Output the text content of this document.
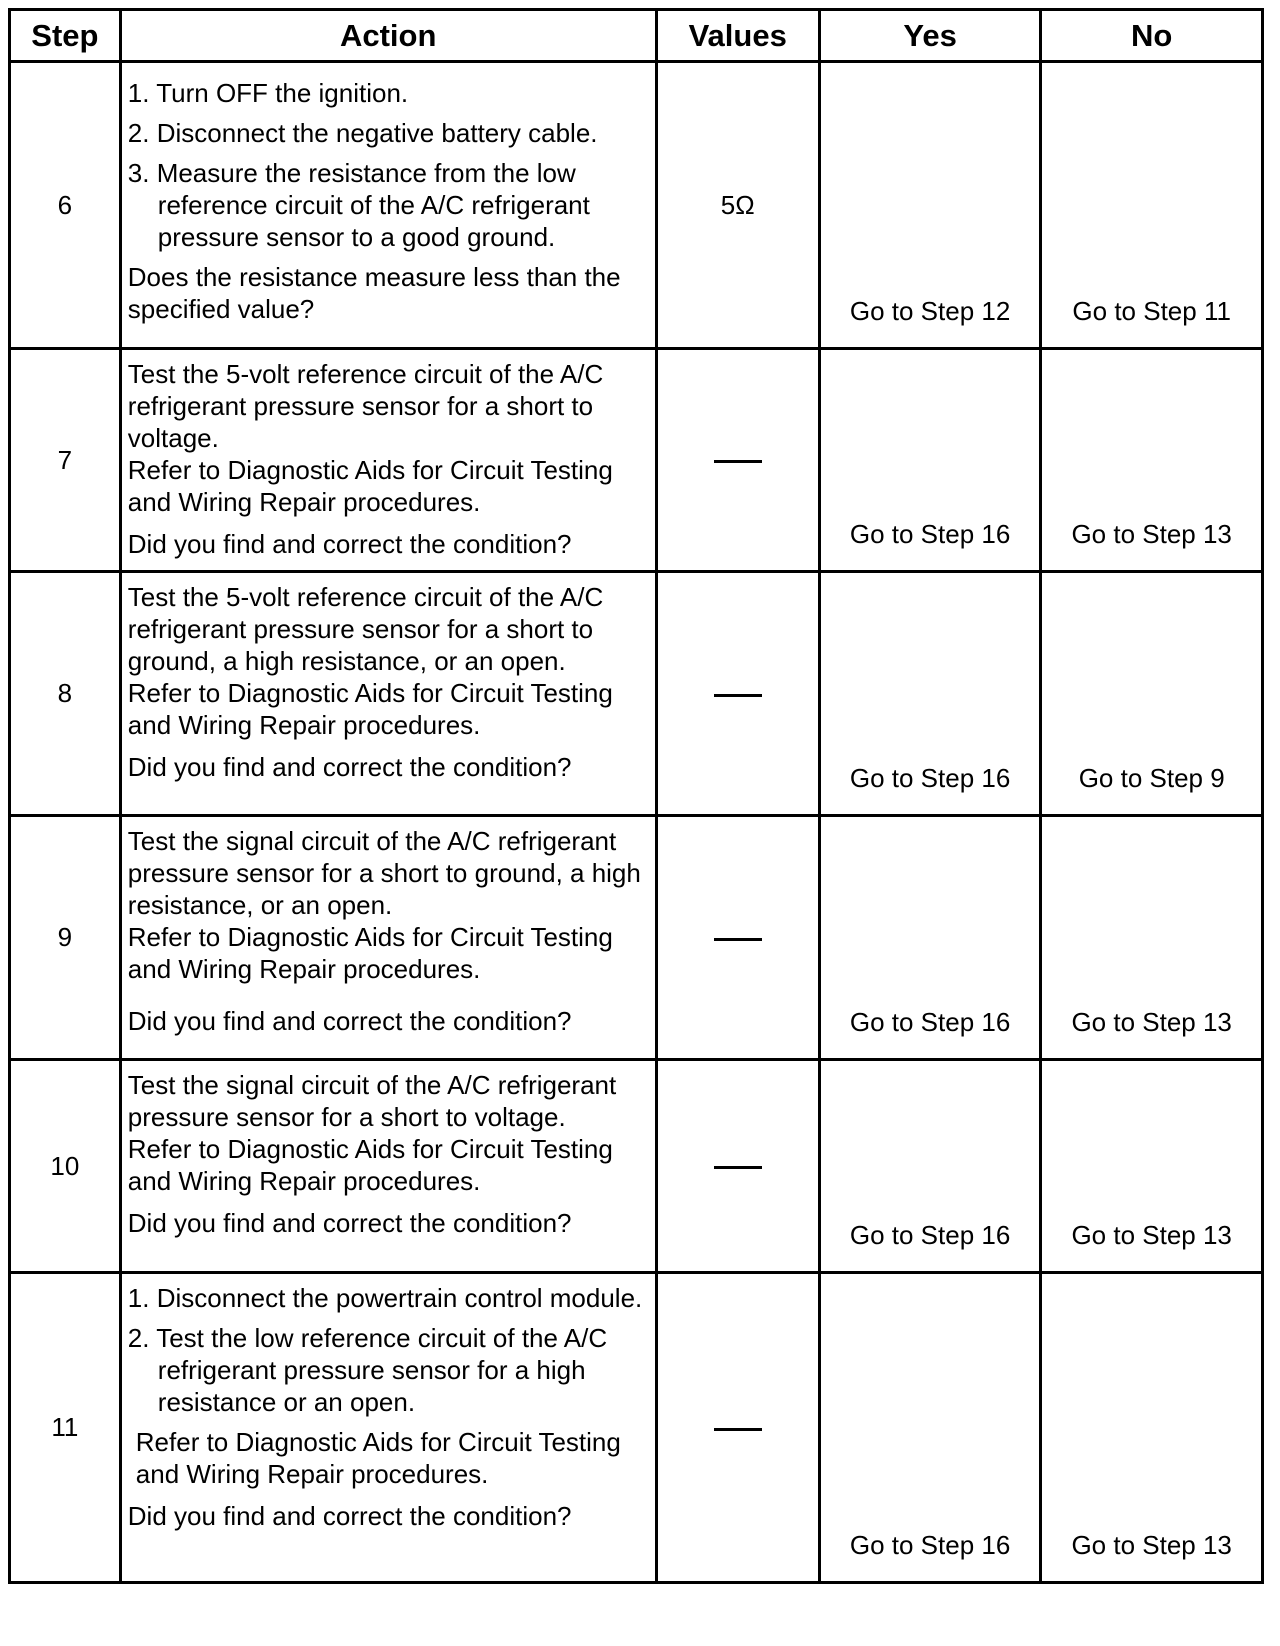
Step	Action	Values	Yes	No
6	1. Turn OFF the ignition.
2. Disconnect the negative battery cable.
3. Measure the resistance from the low reference circuit of the A/C refrigerant pressure sensor to a good ground.
Does the resistance measure less than the specified value?	5Ω	Go to Step 12	Go to Step 11
7	Test the 5-volt reference circuit of the A/C refrigerant pressure sensor for a short to voltage.
Refer to Diagnostic Aids for Circuit Testing and Wiring Repair procedures.
Did you find and correct the condition?		Go to Step 16	Go to Step 13
8	Test the 5-volt reference circuit of the A/C refrigerant pressure sensor for a short to ground, a high resistance, or an open.
Refer to Diagnostic Aids for Circuit Testing and Wiring Repair procedures.
Did you find and correct the condition?		Go to Step 16	Go to Step 9
9	Test the signal circuit of the A/C refrigerant pressure sensor for a short to ground, a high resistance, or an open.
Refer to Diagnostic Aids for Circuit Testing and Wiring Repair procedures.
Did you find and correct the condition?		Go to Step 16	Go to Step 13
10	Test the signal circuit of the A/C refrigerant pressure sensor for a short to voltage.
Refer to Diagnostic Aids for Circuit Testing and Wiring Repair procedures.
Did you find and correct the condition?		Go to Step 16	Go to Step 13
11	1. Disconnect the powertrain control module.
2. Test the low reference circuit of the A/C refrigerant pressure sensor for a high resistance or an open.
Refer to Diagnostic Aids for Circuit Testing and Wiring Repair procedures.
Did you find and correct the condition?		Go to Step 16	Go to Step 13
